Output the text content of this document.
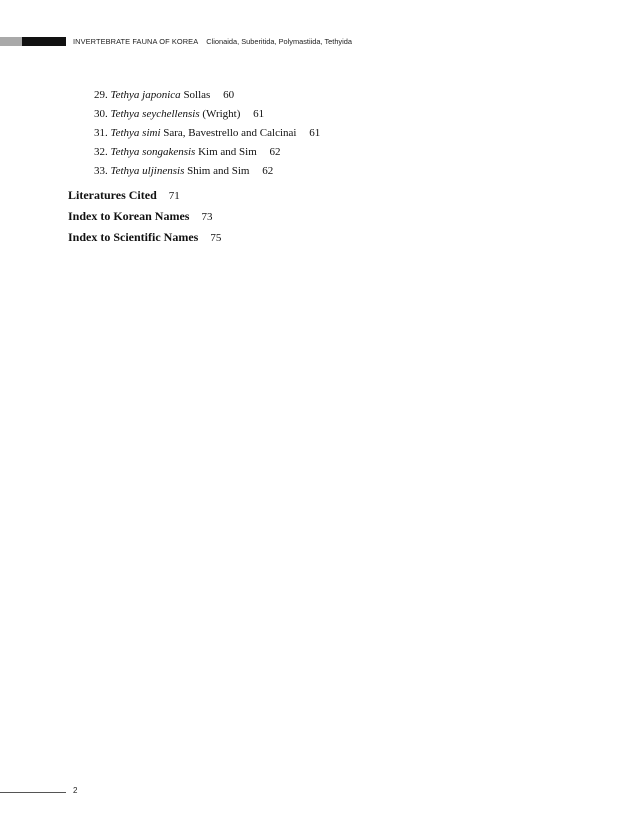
INVERTEBRATE FAUNA OF KOREA Clionaida, Suberitida, Polymastiida, Tethyida
29. Tethya japonica Sollas 60
30. Tethya seychellensis (Wright) 61
31. Tethya simi Sara, Bavestrello and Calcinai 61
32. Tethya songakensis Kim and Sim 62
33. Tethya uljinensis Shim and Sim 62
Literatures Cited 71
Index to Korean Names 73
Index to Scientific Names 75
2
